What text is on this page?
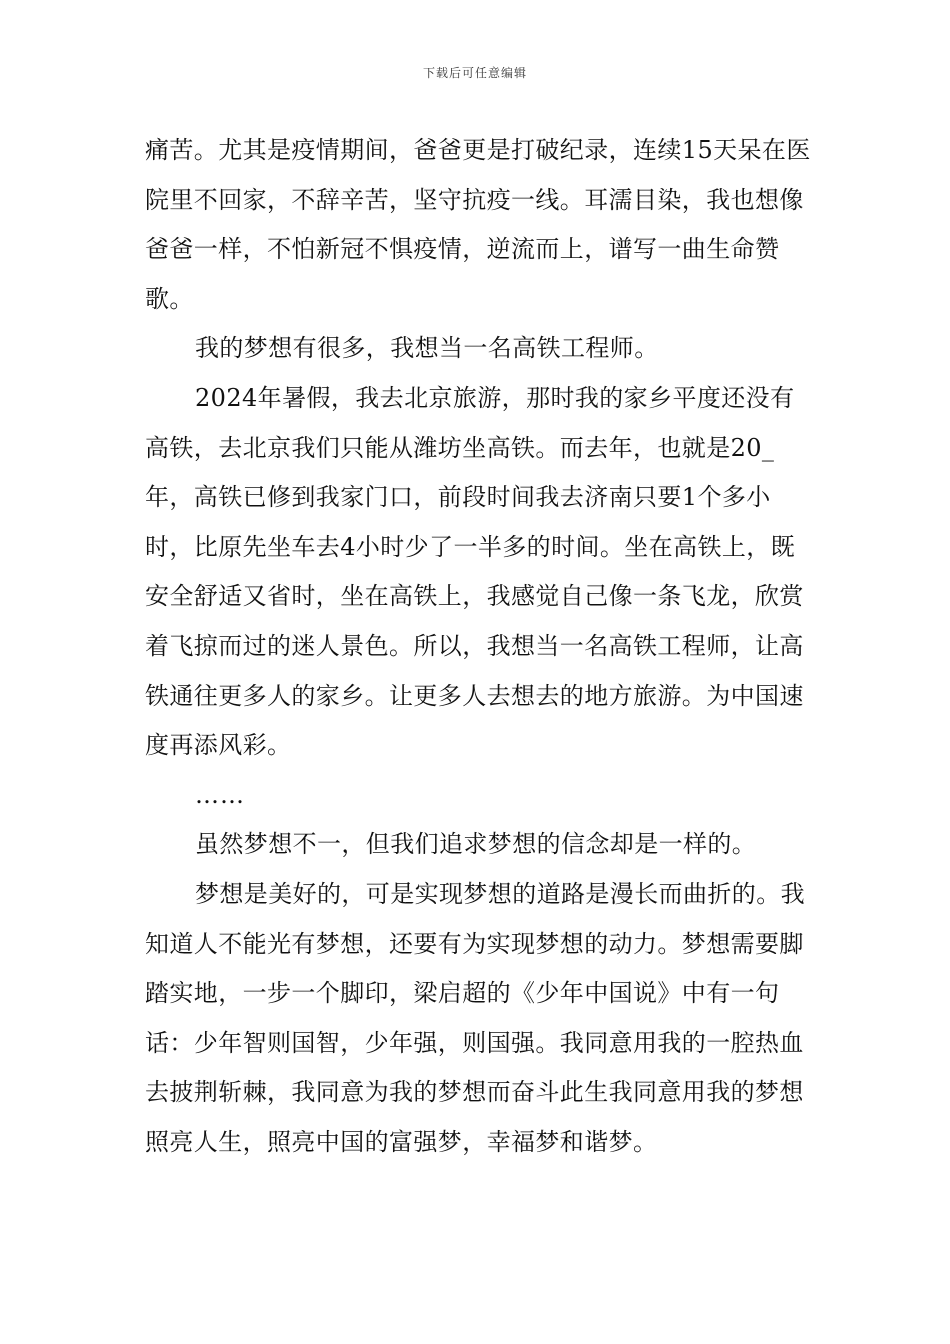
下载后可任意编辑

痛苦。尤其是疫情期间，爸爸更是打破纪录，连续15天呆在医院里不回家，不辞辛苦，坚守抗疫一线。耳濡目染，我也想像爸爸一样，不怕新冠不惧疫情，逆流而上，谱写一曲生命赞歌。

我的梦想有很多，我想当一名高铁工程师。

2024年暑假，我去北京旅游，那时我的家乡平度还没有高铁，去北京我们只能从潍坊坐高铁。而去年，也就是20_年，高铁已修到我家门口，前段时间我去济南只要1个多小时，比原先坐车去4小时少了一半多的时间。坐在高铁上，既安全舒适又省时，坐在高铁上，我感觉自己像一条飞龙，欣赏着飞掠而过的迷人景色。所以，我想当一名高铁工程师，让高铁通往更多人的家乡。让更多人去想去的地方旅游。为中国速度再添风彩。

……

虽然梦想不一，但我们追求梦想的信念却是一样的。

梦想是美好的，可是实现梦想的道路是漫长而曲折的。我知道人不能光有梦想，还要有为实现梦想的动力。梦想需要脚踏实地，一步一个脚印，梁启超的《少年中国说》中有一句话：少年智则国智，少年强，则国强。我同意用我的一腔热血去披荆斩棘，我同意为我的梦想而奋斗此生我同意用我的梦想照亮人生，照亮中国的富强梦，幸福梦和谐梦。
